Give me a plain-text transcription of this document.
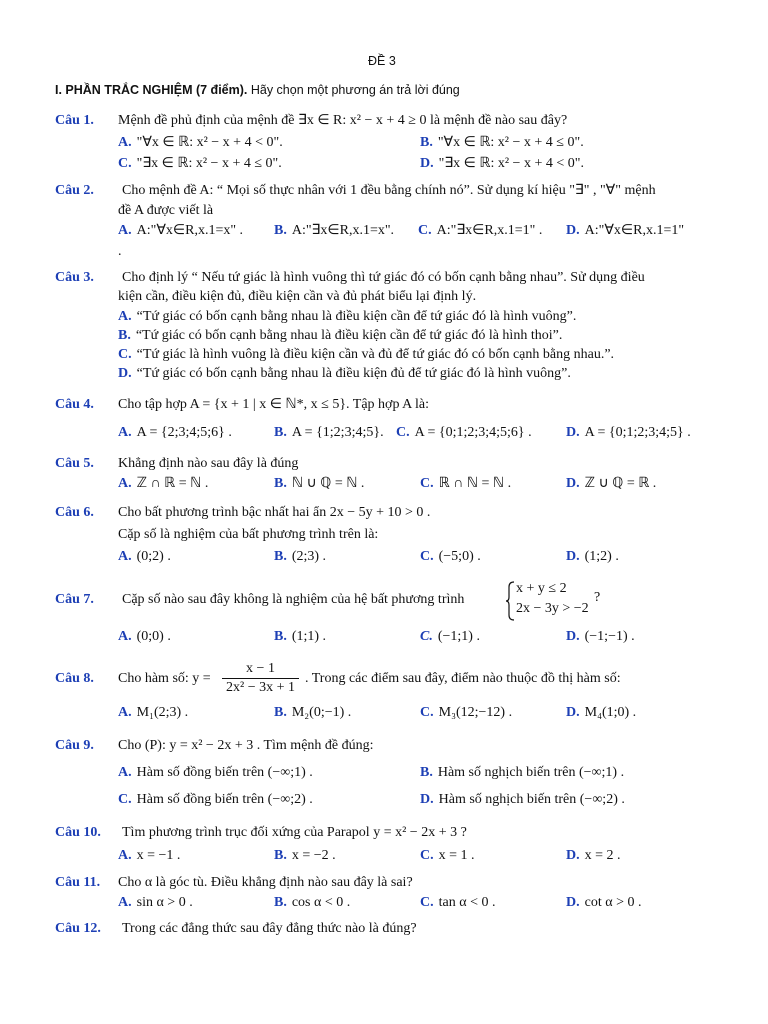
ĐỀ 3
I. PHẦN TRẮC NGHIỆM (7 điểm). Hãy chọn một phương án trả lời đúng
Câu 1. Mệnh đề phủ định của mệnh đề ∃x ∈ R: x² − x + 4 ≥ 0 là mệnh đề nào sau đây?
A. "∀x ∈ ℝ: x² − x + 4 < 0".	B. "∀x ∈ ℝ: x² − x + 4 ≤ 0".
C. "∃x ∈ ℝ: x² − x + 4 ≤ 0".	D. "∃x ∈ ℝ: x² − x + 4 < 0".
Câu 2. Cho mệnh đề A: “ Mọi số thực nhân với 1 đều bằng chính nó”. Sử dụng kí hiệu "∃" , "∀" mệnh
đề A được viết là
A. A:"∀x∈R,x.1=x" . B. A:"∃x∈R,x.1=x". C. A:"∃x∈R,x.1=1" . D. A:"∀x∈R,x.1=1"
.
Câu 3. Cho định lý “ Nếu tứ giác là hình vuông thì tứ giác đó có bốn cạnh bằng nhau”. Sử dụng điều
kiện cần, điều kiện đủ, điều kiện cần và đủ phát biểu lại định lý.
A. “Tứ giác có bốn cạnh bằng nhau là điều kiện cần để tứ giác đó là hình vuông”.
B. “Tứ giác có bốn cạnh bằng nhau là điều kiện cần để tứ giác đó là hình thoi”.
C. “Tứ giác là hình vuông là điều kiện cần và đủ để tứ giác đó có bốn cạnh bằng nhau.”.
D. “Tứ giác có bốn cạnh bằng nhau là điều kiện đủ để tứ giác đó là hình vuông”.
Câu 4. Cho tập hợp A = {x + 1 | x ∈ ℕ*, x ≤ 5}. Tập hợp A là:
A. A = {2;3;4;5;6} .	B. A = {1;2;3;4;5}. C. A = {0;1;2;3;4;5;6} . D. A = {0;1;2;3;4;5} .
Câu 5. Khẳng định nào sau đây là đúng
A. ℤ ∩ ℝ = ℕ .	B. ℕ ∪ ℚ = ℕ .	C. ℝ ∩ ℕ = ℕ .	D. ℤ ∪ ℚ = ℝ .
Câu 6. Cho bất phương trình bậc nhất hai ẩn 2x − 5y + 10 > 0 .
Cặp số là nghiệm của bất phương trình trên là:
A. (0;2) .	B. (2;3) .	C. (−5;0) .	D. (1;2) .
Câu 7. Cặp số nào sau đây không là nghiệm của hệ bất phương trình
x + y ≤ 2
2x − 3y > −2
?
A. (0;0) .	B. (1;1) .	C. (−1;1) .	D. (−1;−1) .
Câu 8. Cho hàm số: y =
x − 1
2x² − 3x + 1
. Trong các điểm sau đây, điểm nào thuộc đồ thị hàm số:
A. M₁(2;3) .	B. M₂(0;−1) .	C. M₃(12;−12) .	D. M₄(1;0) .
Câu 9. Cho (P): y = x² − 2x + 3 . Tìm mệnh đề đúng:
A. Hàm số đồng biến trên (−∞;1) .	B. Hàm số nghịch biến trên (−∞;1) .
C. Hàm số đồng biến trên (−∞;2) .	D. Hàm số nghịch biến trên (−∞;2) .
Câu 10. Tìm phương trình trục đối xứng của Parapol y = x² − 2x + 3 ?
A. x = −1 .	B. x = −2 .	C. x = 1 .	D. x = 2 .
Câu 11. Cho α là góc tù. Điều khẳng định nào sau đây là sai?
A. sin α > 0 .	B. cos α < 0 .	C. tan α < 0 .	D. cot α > 0 .
Câu 12. Trong các đẳng thức sau đây đẳng thức nào là đúng?
